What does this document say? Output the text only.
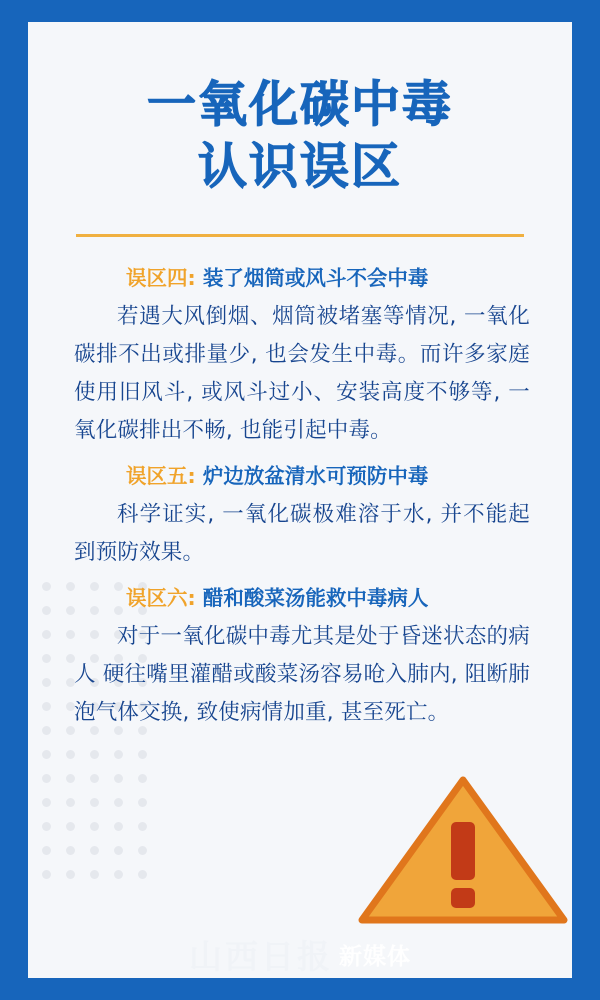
一氧化碳中毒
认识误区
误区四: 装了烟筒或风斗不会中毒
若遇大风倒烟、烟筒被堵塞等情况, 一氧化碳排不出或排量少, 也会发生中毒。而许多家庭使用旧风斗, 或风斗过小、安装高度不够等, 一氧化碳排出不畅, 也能引起中毒。
误区五: 炉边放盆清水可预防中毒
科学证实, 一氧化碳极难溶于水, 并不能起到预防效果。
误区六: 醋和酸菜汤能救中毒病人
对于一氧化碳中毒尤其是处于昏迷状态的病人 硬往嘴里灌醋或酸菜汤容易呛入肺内, 阻断肺泡气体交换, 致使病情加重, 甚至死亡。
山西日报 新媒体
